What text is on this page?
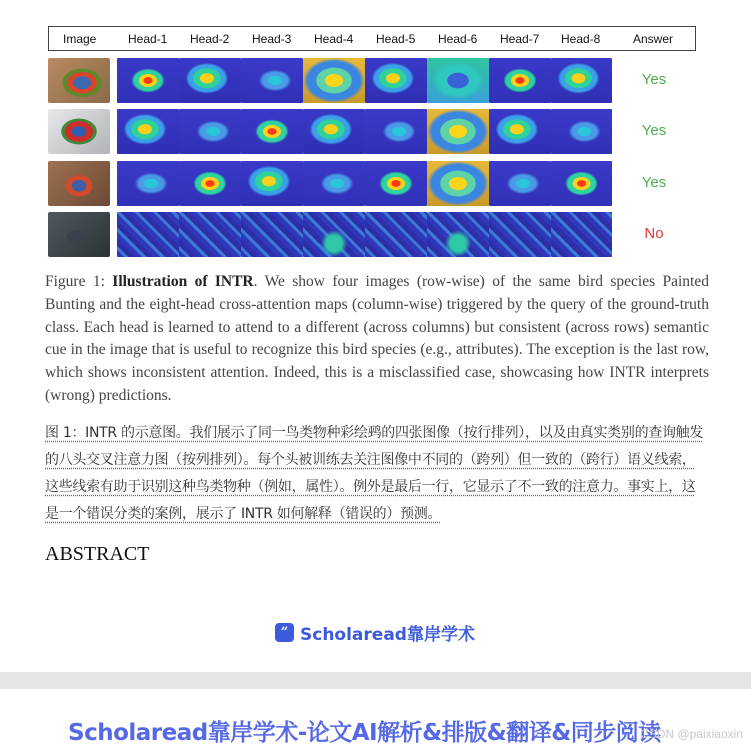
Image	Head-1 Head-2 Head-3 Head-4 Head-5 Head-6 Head-7 Head-8	Answer
Yes
Yes
Yes
No
Figure 1: Illustration of INTR. We show four images (row-wise) of the same bird species Painted Bunting and the eight-head cross-attention maps (column-wise) triggered by the query of the ground-truth class. Each head is learned to attend to a different (across columns) but consistent (across rows) semantic cue in the image that is useful to recognize this bird species (e.g., attributes). The exception is the last row, which shows inconsistent attention. Indeed, this is a misclassified case, showcasing how INTR interprets (wrong) predictions.
图 1：INTR 的示意图。我们展示了同一鸟类物种彩绘鹀的四张图像（按行排列），以及由真实类别的查询触发的八头交叉注意力图（按列排列）。每个头被训练去关注图像中不同的（跨列）但一致的（跨行）语义线索，这些线索有助于识别这种鸟类物种（例如，属性）。例外是最后一行，它显示了不一致的注意力。事实上，这是一个错误分类的案例，展示了 INTR 如何解释（错误的）预测。
ABSTRACT
“ Scholaread靠岸学术
Scholaread靠岸学术-论文AI解析&排版&翻译&同步阅读
CSDN @paixiaoxin
